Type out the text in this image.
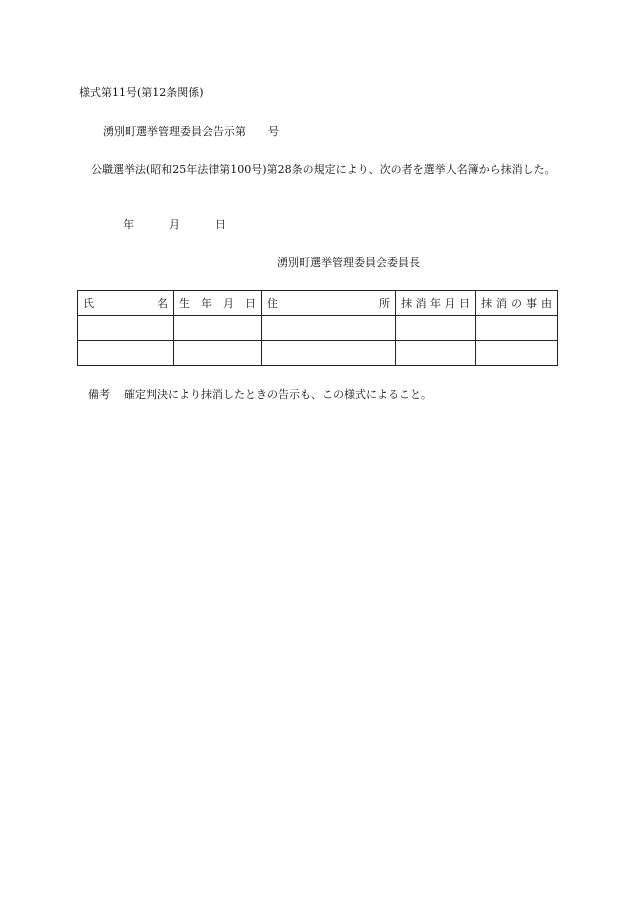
様式第11号(第12条関係)
湧別町選挙管理委員会告示第　　号
公職選挙法(昭和25年法律第100号)第28条の規定により、次の者を選挙人名簿から抹消した。
年	月	日
湧別町選挙管理委員会委員長
氏 名	生 年 月 日	住 所	抹 消 年 月 日	抹 消 の 事 由

備考 確定判決により抹消したときの告示も、この様式によること。
